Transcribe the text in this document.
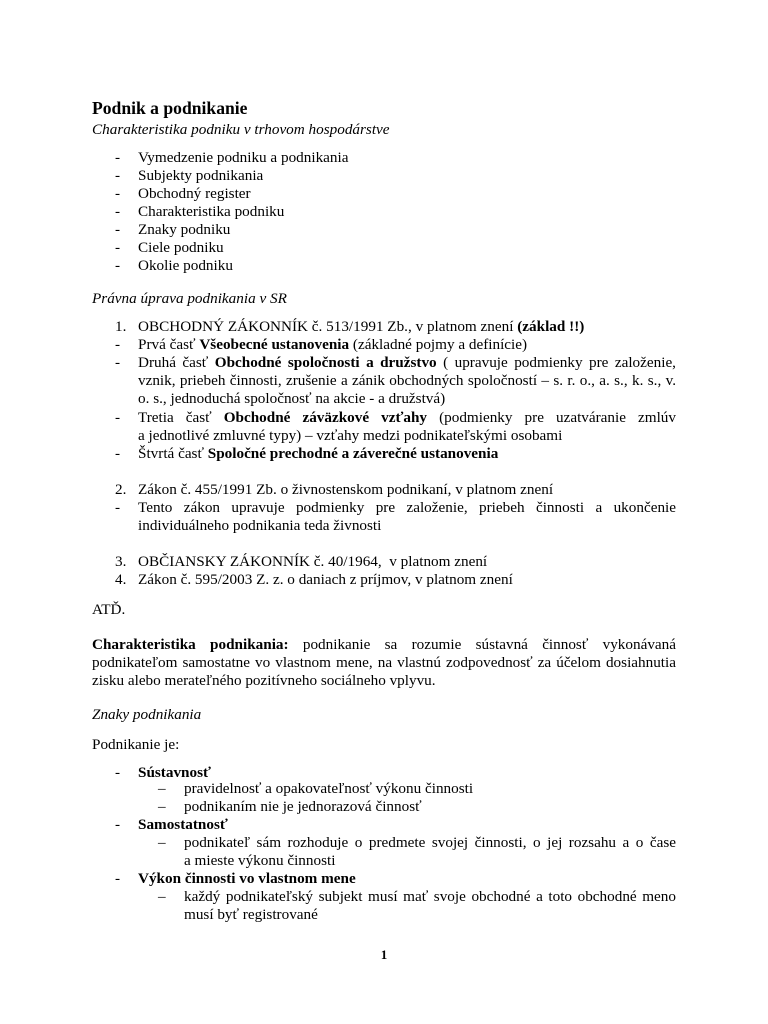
Podnik a podnikanie
Charakteristika podniku v trhovom hospodárstve
- Vymedzenie podniku a podnikania
- Subjekty podnikania
- Obchodný register
- Charakteristika podniku
- Znaky podniku
- Ciele podniku
- Okolie podniku
Právna úprava podnikania v SR
1. OBCHODNÝ ZÁKONNÍK č. 513/1991 Zb., v platnom znení (základ !!)
- Prvá časť Všeobecné ustanovenia (základné pojmy a definície)
- Druhá časť Obchodné spoločnosti a družstvo ( upravuje podmienky pre založenie,
vznik, priebeh činnosti, zrušenie a zánik obchodných spoločností – s. r. o., a. s., k. s., v.
o. s., jednoduchá spoločnosť na akcie - a družstvá)
- Tretia časť Obchodné záväzkové vzťahy (podmienky pre uzatváranie zmlúv
a jednotlivé zmluvné typy) – vzťahy medzi podnikateľskými osobami
- Štvrtá časť Spoločné prechodné a záverečné ustanovenia
2. Zákon č. 455/1991 Zb. o živnostenskom podnikaní, v platnom znení
- Tento zákon upravuje podmienky pre založenie, priebeh činnosti a ukončenie
individuálneho podnikania teda živnosti
3. OBČIANSKY ZÁKONNÍK č. 40/1964,  v platnom znení
4. Zákon č. 595/2003 Z. z. o daniach z príjmov, v platnom znení
ATĎ.
Charakteristika podnikania: podnikanie sa rozumie sústavná činnosť vykonávaná
podnikateľom samostatne vo vlastnom mene, na vlastnú zodpovednosť za účelom dosiahnutia
zisku alebo merateľného pozitívneho sociálneho vplyvu.
Znaky podnikania
Podnikanie je:
- Sústavnosť
– pravidelnosť a opakovateľnosť výkonu činnosti
– podnikaním nie je jednorazová činnosť
- Samostatnosť
– podnikateľ sám rozhoduje o predmete svojej činnosti, o jej rozsahu a o čase
a mieste výkonu činnosti
- Výkon činnosti vo vlastnom mene
– každý podnikateľský subjekt musí mať svoje obchodné a toto obchodné meno
musí byť registrované
1
